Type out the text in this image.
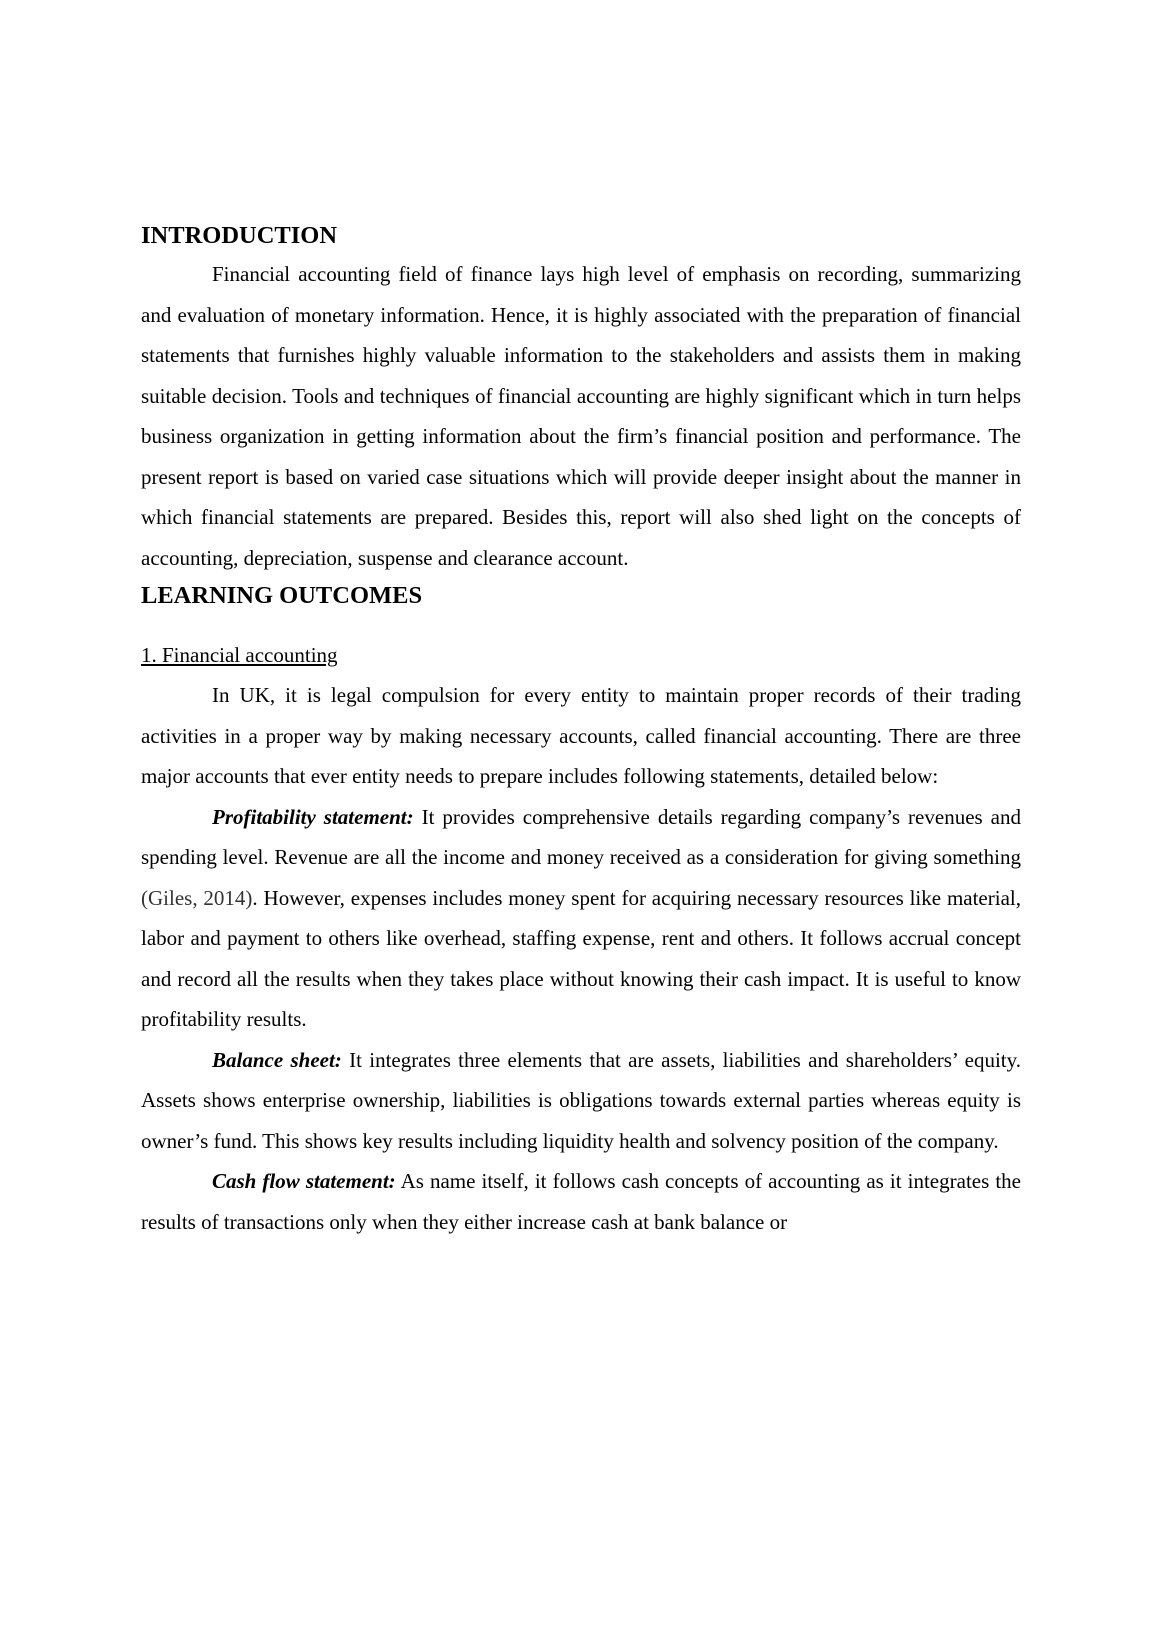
INTRODUCTION

Financial accounting field of finance lays high level of emphasis on recording, summarizing and evaluation of monetary information. Hence, it is highly associated with the preparation of financial statements that furnishes highly valuable information to the stakeholders and assists them in making suitable decision. Tools and techniques of financial accounting are highly significant which in turn helps business organization in getting information about the firm’s financial position and performance. The present report is based on varied case situations which will provide deeper insight about the manner in which financial statements are prepared. Besides this, report will also shed light on the concepts of accounting, depreciation, suspense and clearance account.

LEARNING OUTCOMES
1. Financial accounting

In UK, it is legal compulsion for every entity to maintain proper records of their trading activities in a proper way by making necessary accounts, called financial accounting. There are three major accounts that ever entity needs to prepare includes following statements, detailed below:

Profitability statement: It provides comprehensive details regarding company’s revenues and spending level. Revenue are all the income and money received as a consideration for giving something (Giles, 2014). However, expenses includes money spent for acquiring necessary resources like material, labor and payment to others like overhead, staffing expense, rent and others. It follows accrual concept and record all the results when they takes place without knowing their cash impact. It is useful to know profitability results.

Balance sheet: It integrates three elements that are assets, liabilities and shareholders’ equity. Assets shows enterprise ownership, liabilities is obligations towards external parties whereas equity is owner’s fund. This shows key results including liquidity health and solvency position of the company.

Cash flow statement: As name itself, it follows cash concepts of accounting as it integrates the results of transactions only when they either increase cash at bank balance or
